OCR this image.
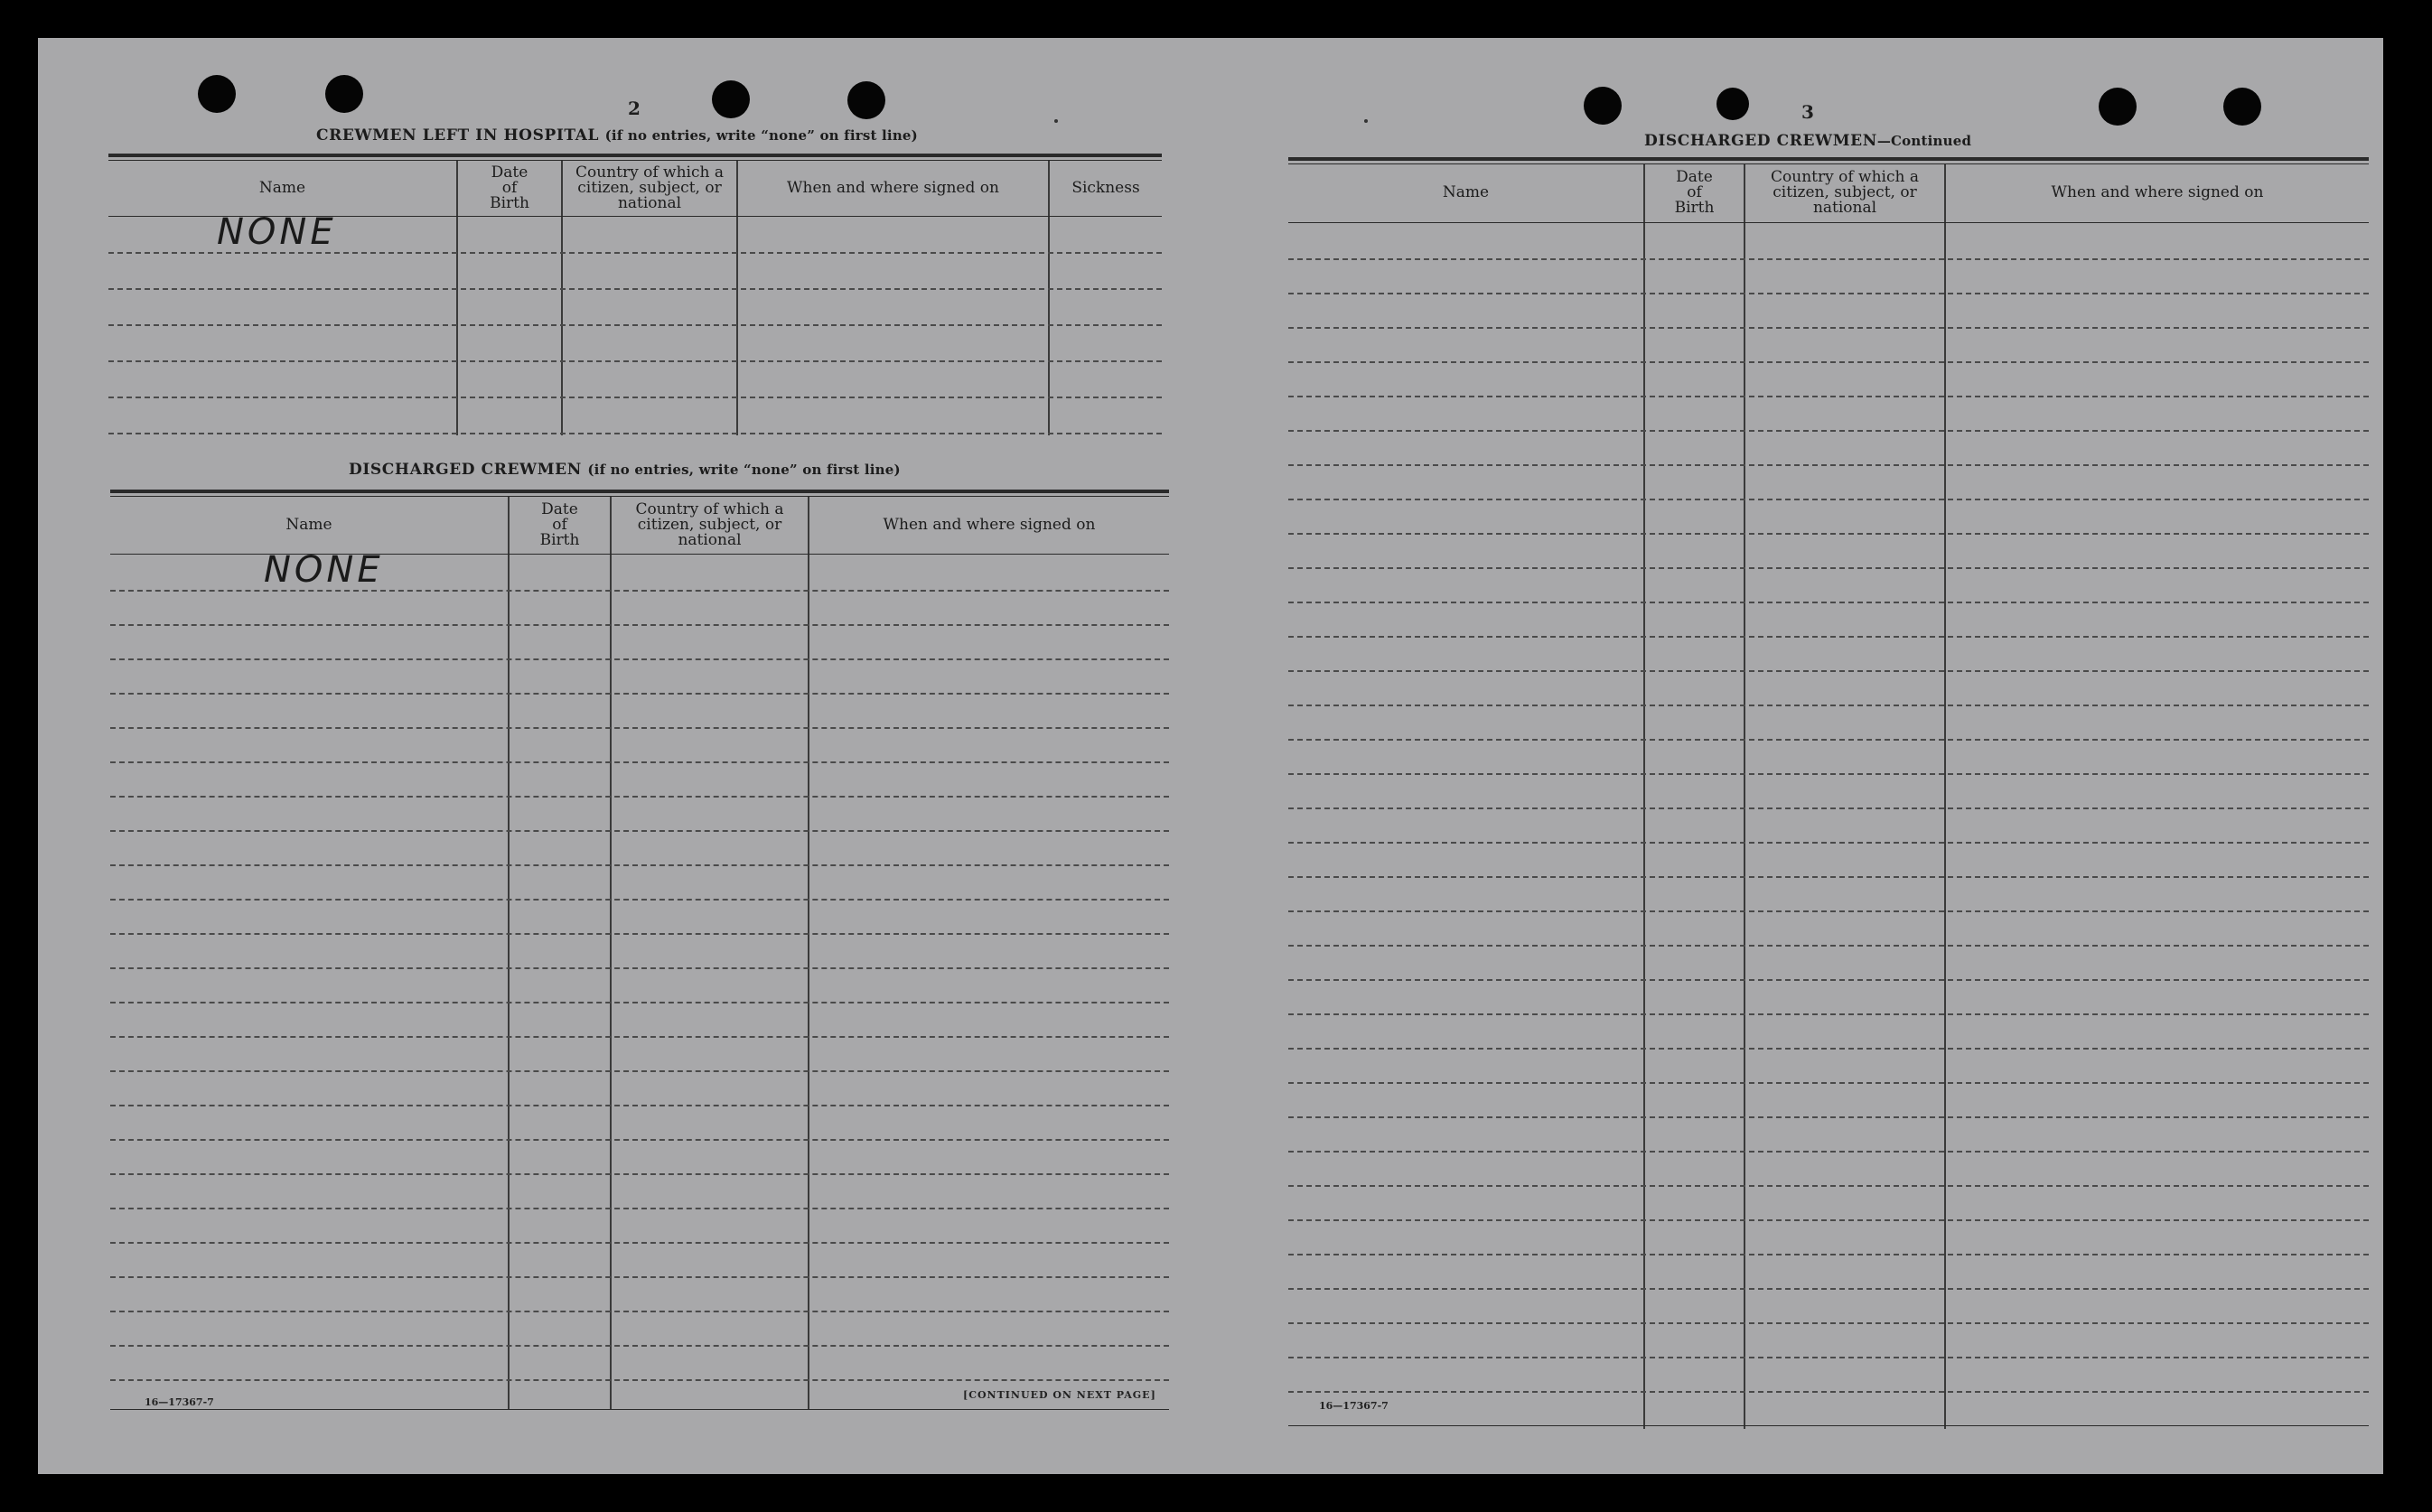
2
CREWMEN LEFT IN HOSPITAL (if no entries, write “none” on first line)
Name
Date of Birth
Country of which a citizen, subject, or national
When and where signed on	Sickness
NONE
DISCHARGED CREWMEN (if no entries, write “none” on first line)
Name
Date of Birth
Country of which a citizen, subject, or national
When and where signed on
NONE
16—17367-7
[CONTINUED ON NEXT PAGE]
3
DISCHARGED CREWMEN—Continued
Name
Date of Birth
Country of which a citizen, subject, or national
When and where signed on
16—17367-7
